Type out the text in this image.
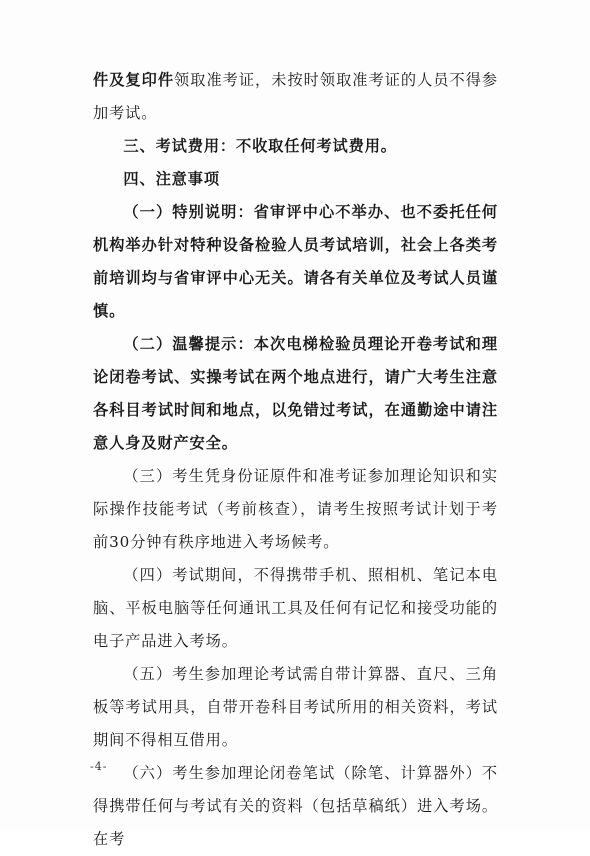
件及复印件领取准考证，未按时领取准考证的人员不得参加考试。

三、考试费用：不收取任何考试费用。

四、注意事项

（一）特别说明：省审评中心不举办、也不委托任何机构举办针对特种设备检验人员考试培训，社会上各类考前培训均与省审评中心无关。请各有关单位及考试人员谨慎。

（二）温馨提示：本次电梯检验员理论开卷考试和理论闭卷考试、实操考试在两个地点进行，请广大考生注意各科目考试时间和地点，以免错过考试，在通勤途中请注意人身及财产安全。

（三）考生凭身份证原件和准考证参加理论知识和实际操作技能考试（考前核查），请考生按照考试计划于考前30分钟有秩序地进入考场候考。

（四）考试期间，不得携带手机、照相机、笔记本电脑、平板电脑等任何通讯工具及任何有记忆和接受功能的电子产品进入考场。

（五）考生参加理论考试需自带计算器、直尺、三角板等考试用具，自带开卷科目考试所用的相关资料，考试期间不得相互借用。

（六）考生参加理论闭卷笔试（除笔、计算器外）不得携带任何与考试有关的资料（包括草稿纸）进入考场。在考

-4-
